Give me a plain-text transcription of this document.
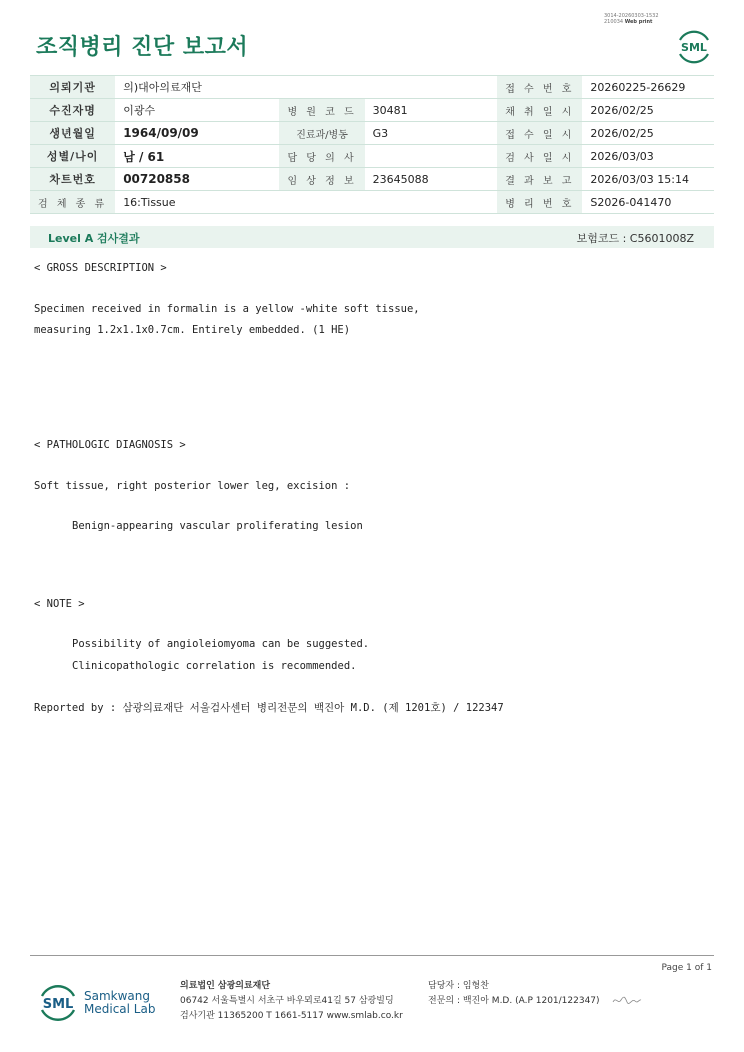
3014-20260303-1532
210034 Web print
조직병리 진단 보고서	SML
의뢰기관	의)대아의료재단			접 수 번 호	20260225-26629
수진자명	이광수	병 원 코 드	30481	채 취 일 시	2026/02/25
생년월일	1964/09/09	진료과/병동	G3	접 수 일 시	2026/02/25
성별/나이	남 / 61	담 당 의 사		검 사 일 시	2026/03/03
차트번호	00720858	임 상 정 보	23645088	결 과 보 고	2026/03/03 15:14
검 체 종 류	16:Tissue			병 리 번 호	S2026-041470
Level A 검사결과	보험코드 : C5601008Z
< GROSS DESCRIPTION >
Specimen received in formalin is a yellow -white soft tissue,
measuring 1.2x1.1x0.7cm. Entirely embedded. (1 HE)
< PATHOLOGIC DIAGNOSIS >
Soft tissue, right posterior lower leg, excision :
Benign-appearing vascular proliferating lesion
< NOTE >
Possibility of angioleiomyoma can be suggested.
Clinicopathologic correlation is recommended.
Reported by : 삼광의료재단 서울검사센터 병리전문의 백진아 M.D. (제 1201호) / 122347
Page 1 of 1
SML
Samkwang
Medical Lab
의료법인 삼광의료재단
06742 서울특별시 서초구 바우뫼로41길 57 삼광빌딩
검사기관 11365200 T 1661-5117 www.smlab.co.kr
담당자 : 임형찬
전문의 : 백진아 M.D. (A.P 1201/122347)
